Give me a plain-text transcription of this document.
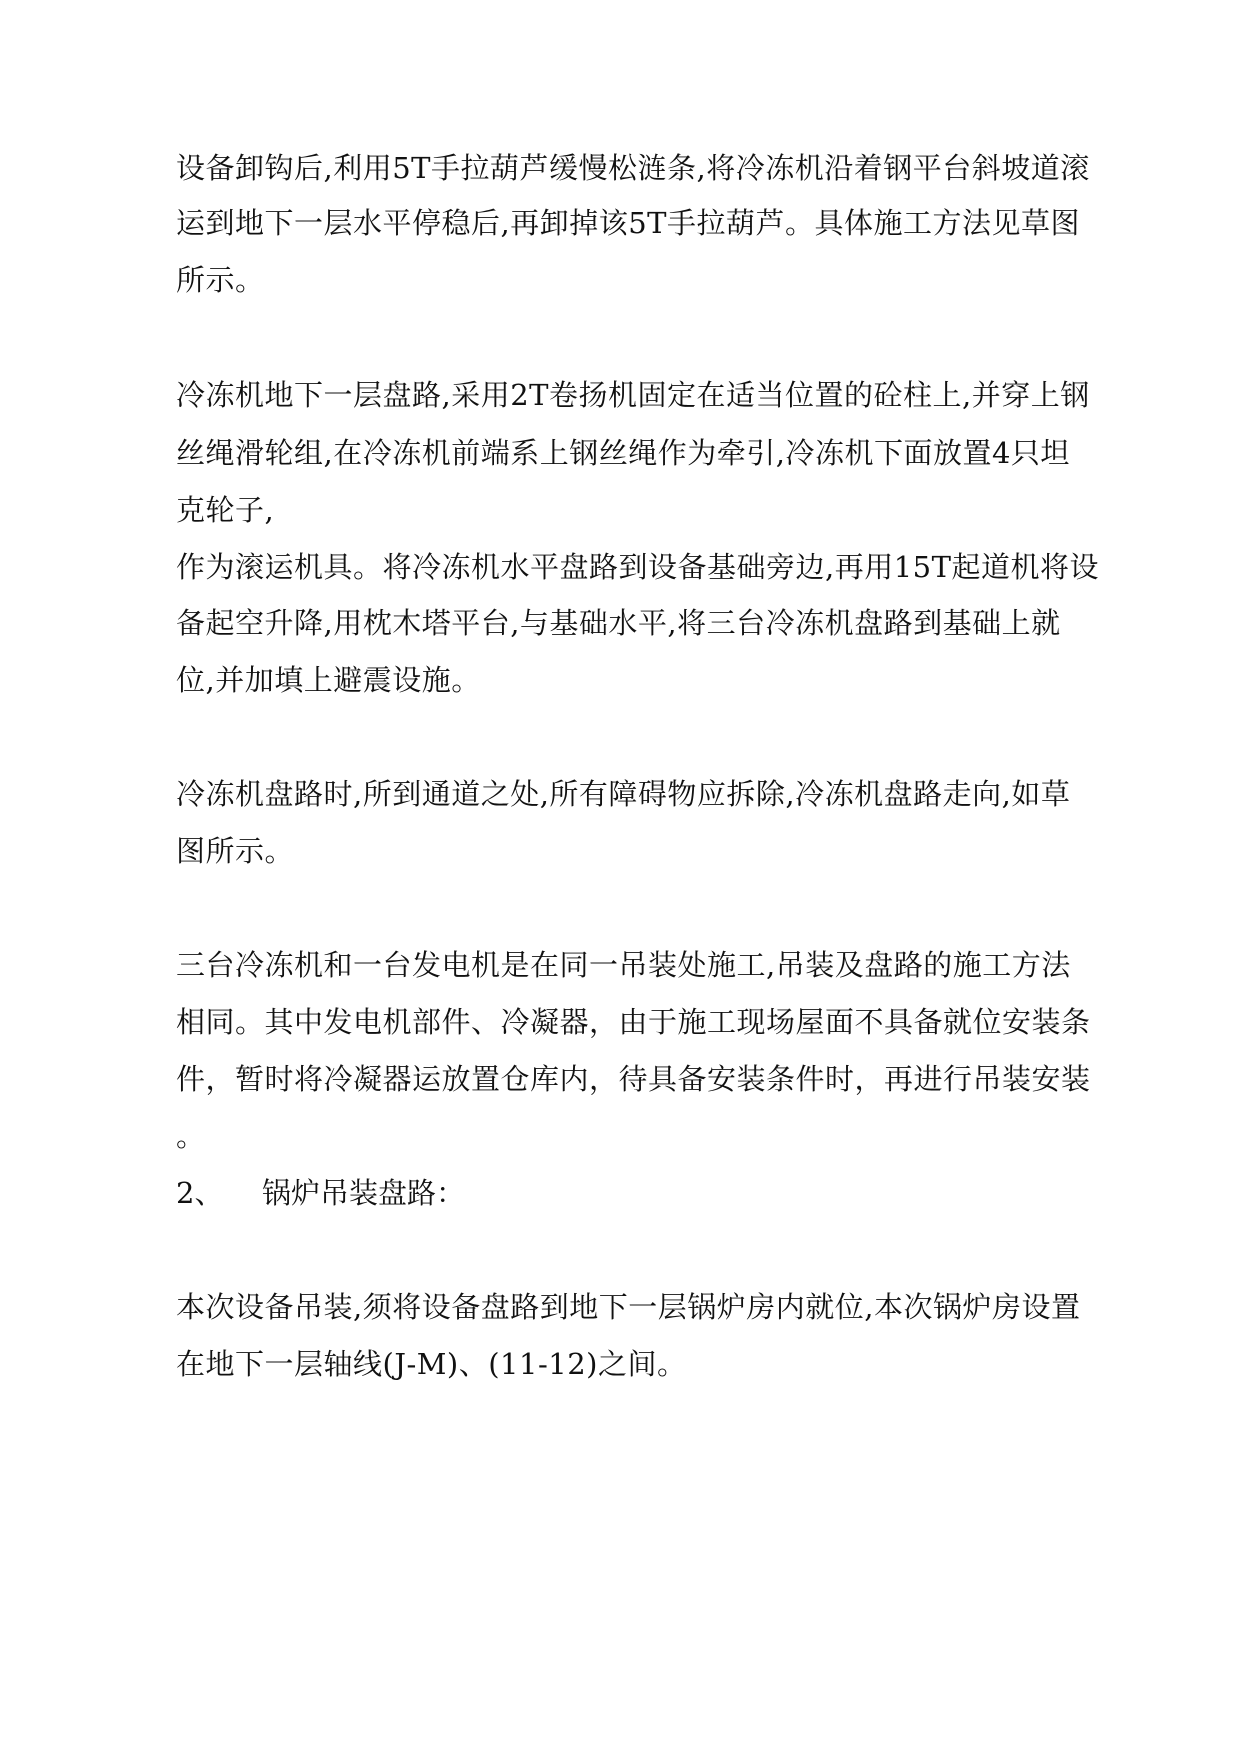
设备卸钩后,利用5T手拉葫芦缓慢松涟条,将冷冻机沿着钢平台斜坡道滚
运到地下一层水平停稳后,再卸掉该5T手拉葫芦。具体施工方法见草图
所示。
冷冻机地下一层盘路,采用2T卷扬机固定在适当位置的砼柱上,并穿上钢
丝绳滑轮组,在冷冻机前端系上钢丝绳作为牵引,冷冻机下面放置4只坦
克轮子,
作为滚运机具。将冷冻机水平盘路到设备基础旁边,再用15T起道机将设
备起空升降,用枕木塔平台,与基础水平,将三台冷冻机盘路到基础上就
位,并加填上避震设施。
冷冻机盘路时,所到通道之处,所有障碍物应拆除,冷冻机盘路走向,如草
图所示。
三台冷冻机和一台发电机是在同一吊装处施工,吊装及盘路的施工方法
相同。其中发电机部件、冷凝器，由于施工现场屋面不具备就位安装条
件，暂时将冷凝器运放置仓库内，待具备安装条件时，再进行吊装安装
。
2、 锅炉吊装盘路：
本次设备吊装,须将设备盘路到地下一层锅炉房内就位,本次锅炉房设置
在地下一层轴线(J-M)、(11-12)之间。
